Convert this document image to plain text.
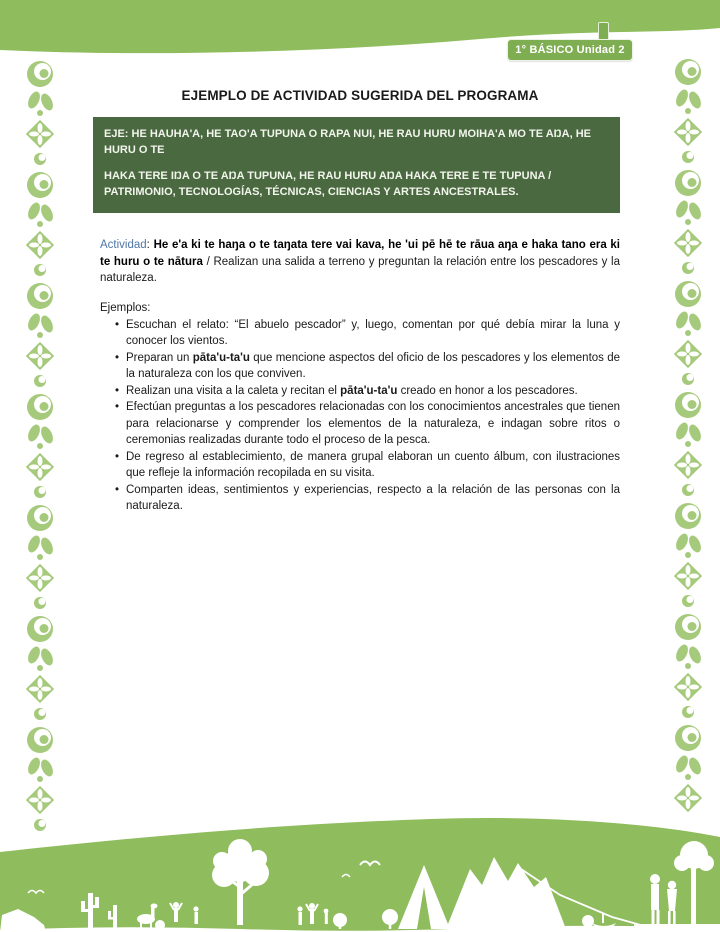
1° BÁSICO Unidad 2
EJEMPLO DE ACTIVIDAD SUGERIDA DEL PROGRAMA

EJE: HE HAUHA'A, HE TAO'A TUPUNA O RAPA NUI, HE RAU HURU MOIHA'A MO TE AŊA, HE HURU O TE

HAKA TERE IŊA O TE AŊA TUPUNA, HE RAU HURU AŊA HAKA TERE E TE TUPUNA / PATRIMONIO, TECNOLOGÍAS, TÉCNICAS, CIENCIAS Y ARTES ANCESTRALES.

Actividad: He e'a ki te haŋa o te taŋata tere vai kava, he 'ui pē hē te rāua aŋa e haka tano era ki te huru o te nātura / Realizan una salida a terreno y preguntan la relación entre los pescadores y la naturaleza.
Ejemplos:
• Escuchan el relato: “El abuelo pescador” y, luego, comentan por qué debía mirar la luna y conocer los vientos.
• Preparan un pāta'u-ta'u que mencione aspectos del oficio de los pescadores y los elementos de la naturaleza con los que conviven.
• Realizan una visita a la caleta y recitan el pāta'u-ta'u creado en honor a los pescadores.
• Efectúan preguntas a los pescadores relacionadas con los conocimientos ancestrales que tienen para relacionarse y comprender los elementos de la naturaleza, e indagan sobre ritos o ceremonias realizadas durante todo el proceso de la pesca.
• De regreso al establecimiento, de manera grupal elaboran un cuento álbum, con ilustraciones que refleje la información recopilada en su visita.
• Comparten ideas, sentimientos y experiencias, respecto a la relación de las personas con la naturaleza.
